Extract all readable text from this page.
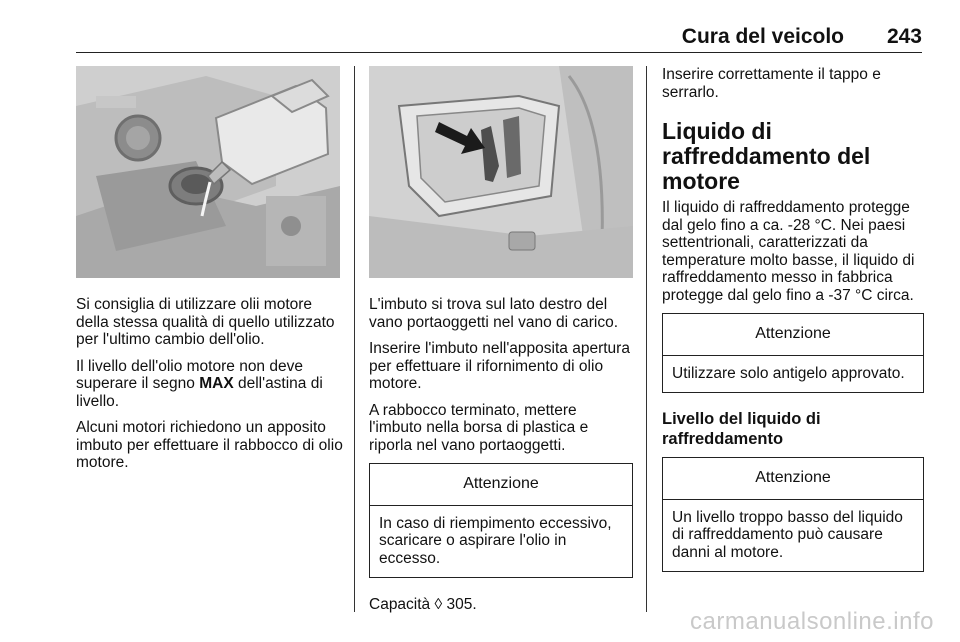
Cura del veicolo 243

Si consiglia di utilizzare olii motore della stessa qualità di quello utilizzato per l'ultimo cambio dell'olio.

Il livello dell'olio motore non deve superare il segno MAX dell'astina di livello.

Alcuni motori richiedono un apposito imbuto per effettuare il rabbocco di olio motore.

L'imbuto si trova sul lato destro del vano portaoggetti nel vano di carico.

Inserire l'imbuto nell'apposita apertura per effettuare il rifornimento di olio motore.

A rabbocco terminato, mettere l'imbuto nella borsa di plastica e riporla nel vano portaoggetti.

Attenzione
In caso di riempimento eccessivo, scaricare o aspirare l'olio in eccesso.

Capacità ◊ 305.

Inserire correttamente il tappo e serrarlo.

Liquido di raffreddamento del motore

Il liquido di raffreddamento protegge dal gelo fino a ca. -28 °C. Nei paesi settentrionali, caratterizzati da temperature molto basse, il liquido di raffreddamento messo in fabbrica protegge dal gelo fino a -37 °C circa.

Attenzione
Utilizzare solo antigelo approvato.
Livello del liquido di raffreddamento
Attenzione
Un livello troppo basso del liquido di raffreddamento può causare danni al motore.
carmanualsonline.info
